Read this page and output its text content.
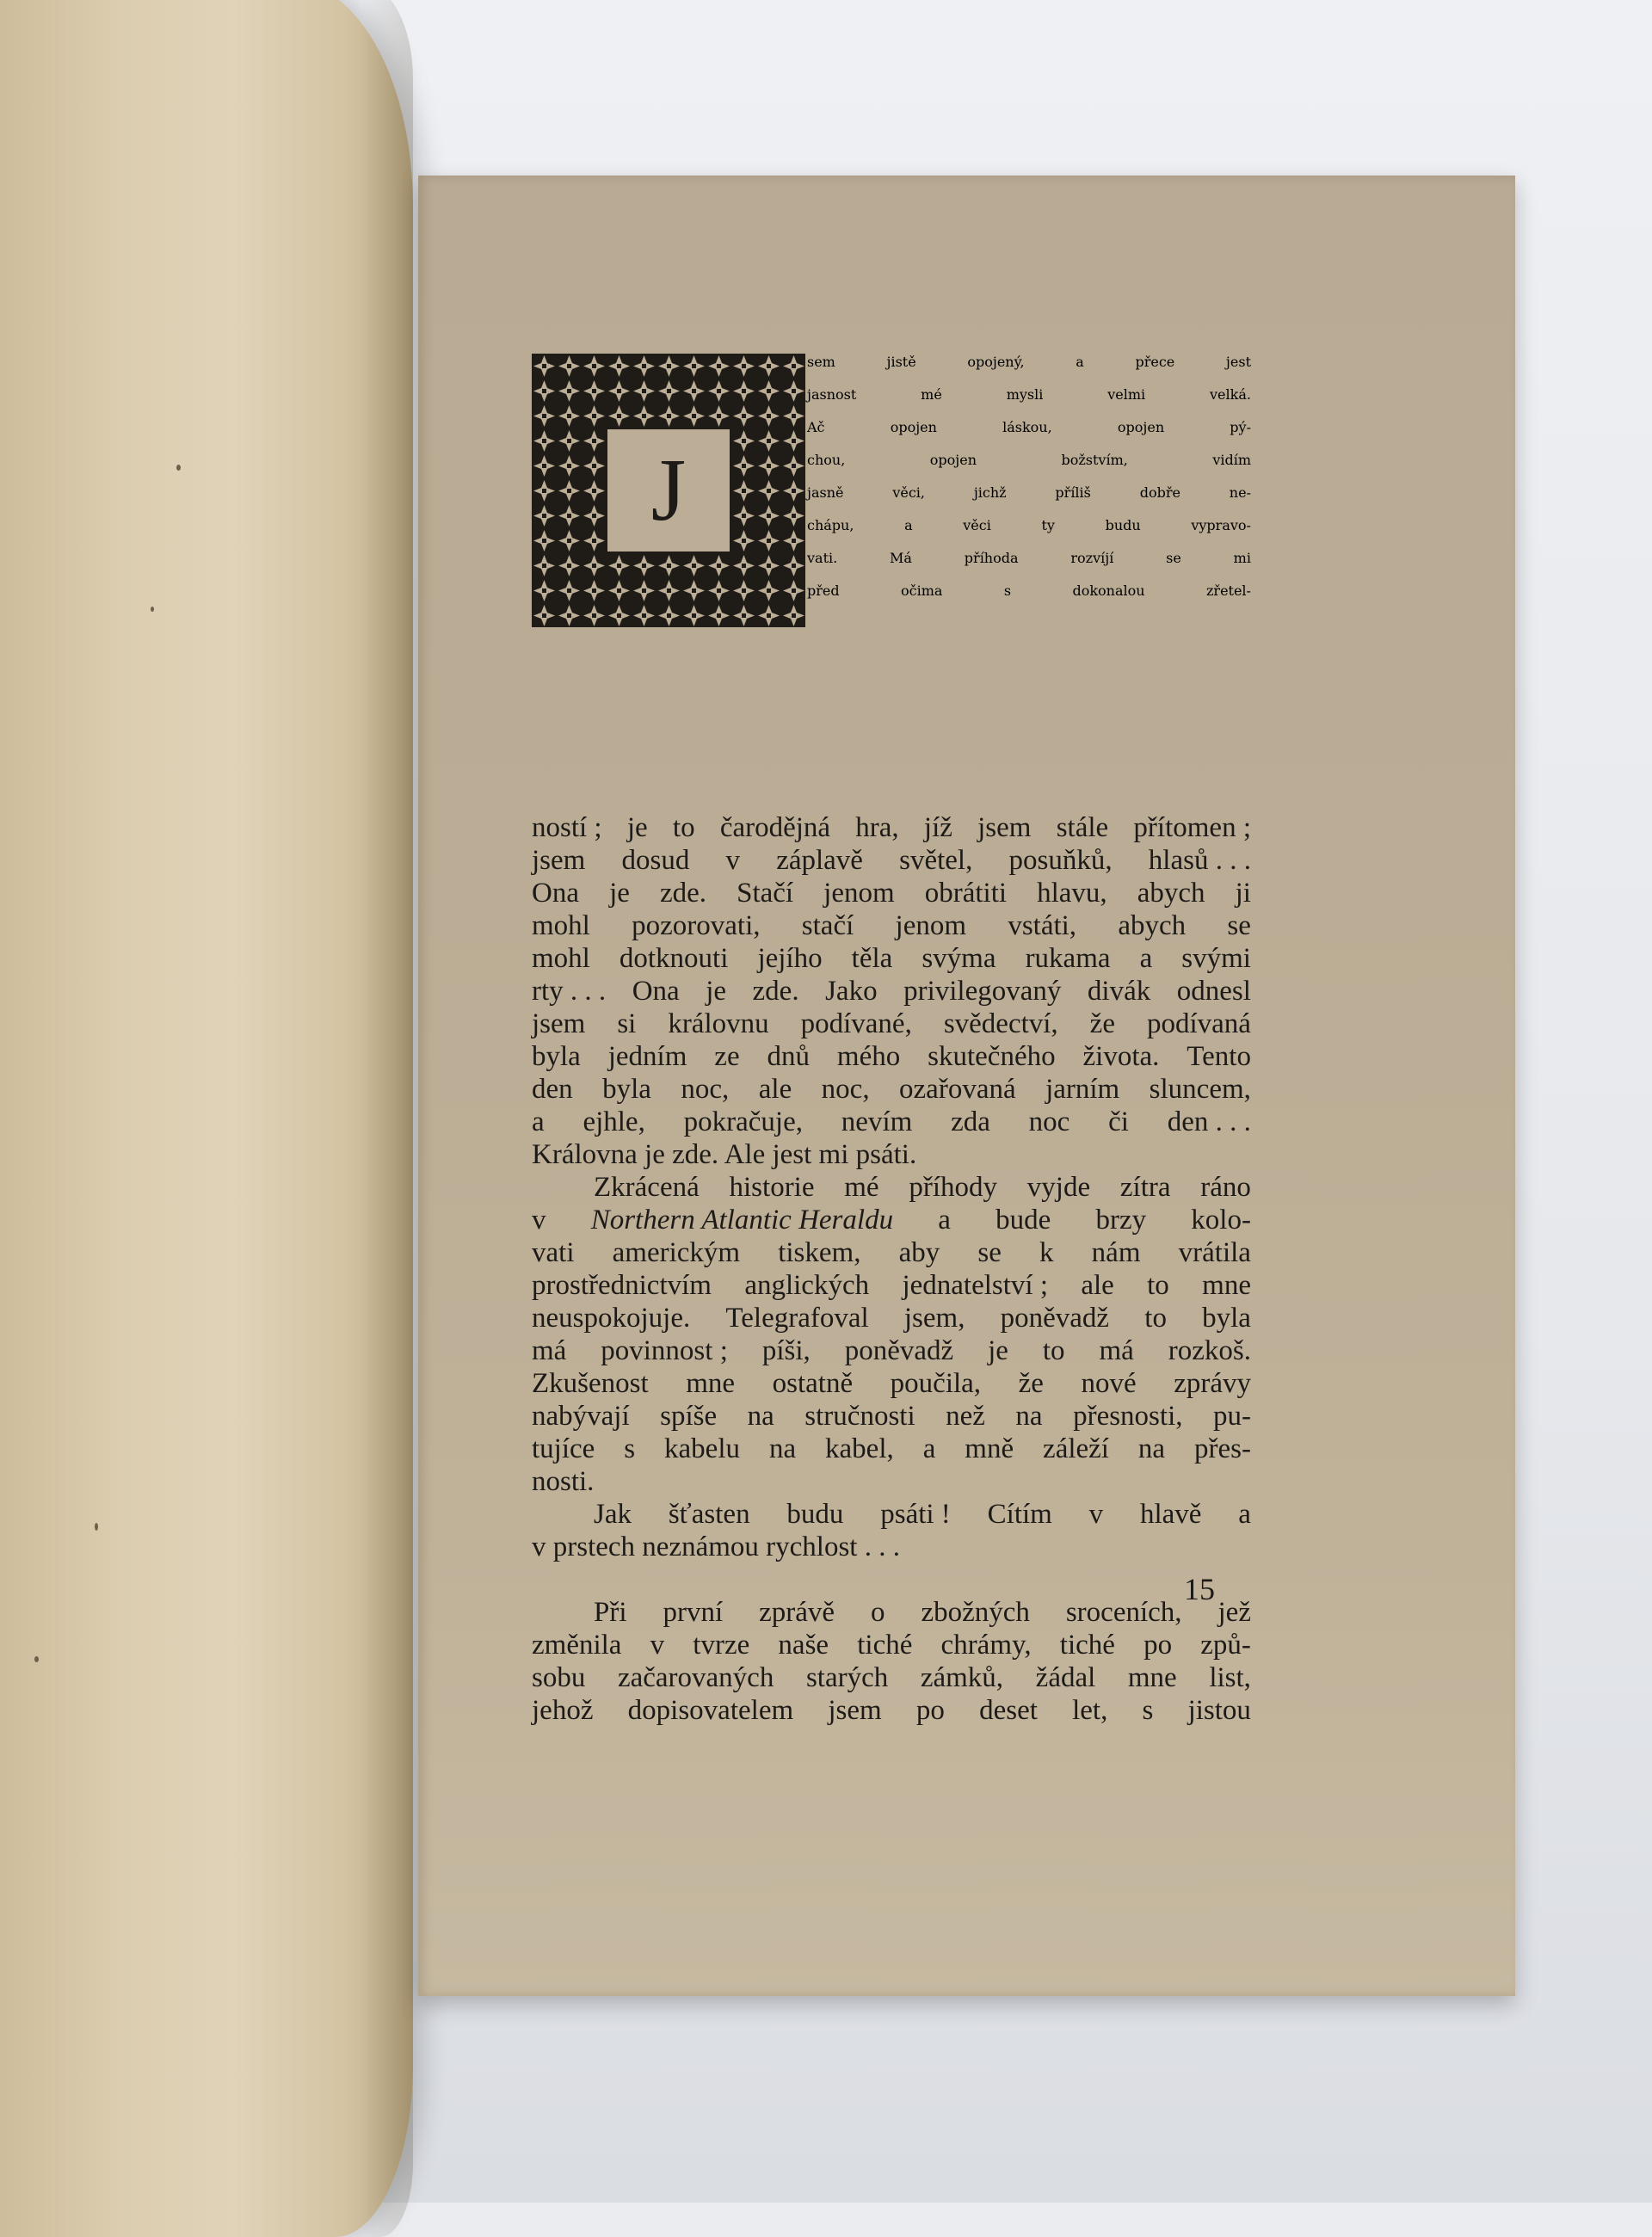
J
sem	jistě	opojený,	a	přece	jest
jasnost	mé	mysli	velmi	velká.
Ač	opojen	láskou,	opojen	pý-
chou,	opojen	božstvím,	vidím
jasně	věci,	jichž	příliš	dobře	ne-
chápu,	a	věci	ty	budu	vypravo-
vati.	Má	příhoda	rozvíjí	se	mi
před	očima	s	dokonalou	zřetel-
ností ; je to čarodějná hra, jíž jsem stále přítomen ;
jsem dosud v záplavě světel, posuňků, hlasů . . .
Ona je zde. Stačí jenom obrátiti hlavu, abych ji
mohl pozorovati, stačí jenom vstáti, abych se
mohl dotknouti jejího těla svýma rukama a svými
rty . . . Ona je zde. Jako privilegovaný divák odnesl
jsem si královnu podívané, svědectví, že podívaná
byla jedním ze dnů mého skutečného života. Tento
den byla noc, ale noc, ozařovaná jarním sluncem,
a ejhle, pokračuje, nevím zda noc či den . . .
Královna je zde. Ale jest mi psáti.
Zkrácená historie mé příhody vyjde zítra ráno
v Northern Atlantic Heraldu a bude brzy kolo-
vati americkým tiskem, aby se k nám vrátila
prostřednictvím anglických jednatelství ; ale to mne
neuspokojuje. Telegrafoval jsem, poněvadž to byla
má povinnost ; píši, poněvadž je to má rozkoš.
Zkušenost mne ostatně poučila, že nové zprávy
nabývají spíše na stručnosti než na přesnosti, pu-
tujíce s kabelu na kabel, a mně záleží na přes-
nosti.
Jak šťasten budu psáti ! Cítím v hlavě a
v prstech neznámou rychlost . . .
Při první zprávě o zbožných sroceních, jež
změnila v tvrze naše tiché chrámy, tiché po způ-
sobu začarovaných starých zámků, žádal mne list,
jehož dopisovatelem jsem po deset let, s jistou
15
